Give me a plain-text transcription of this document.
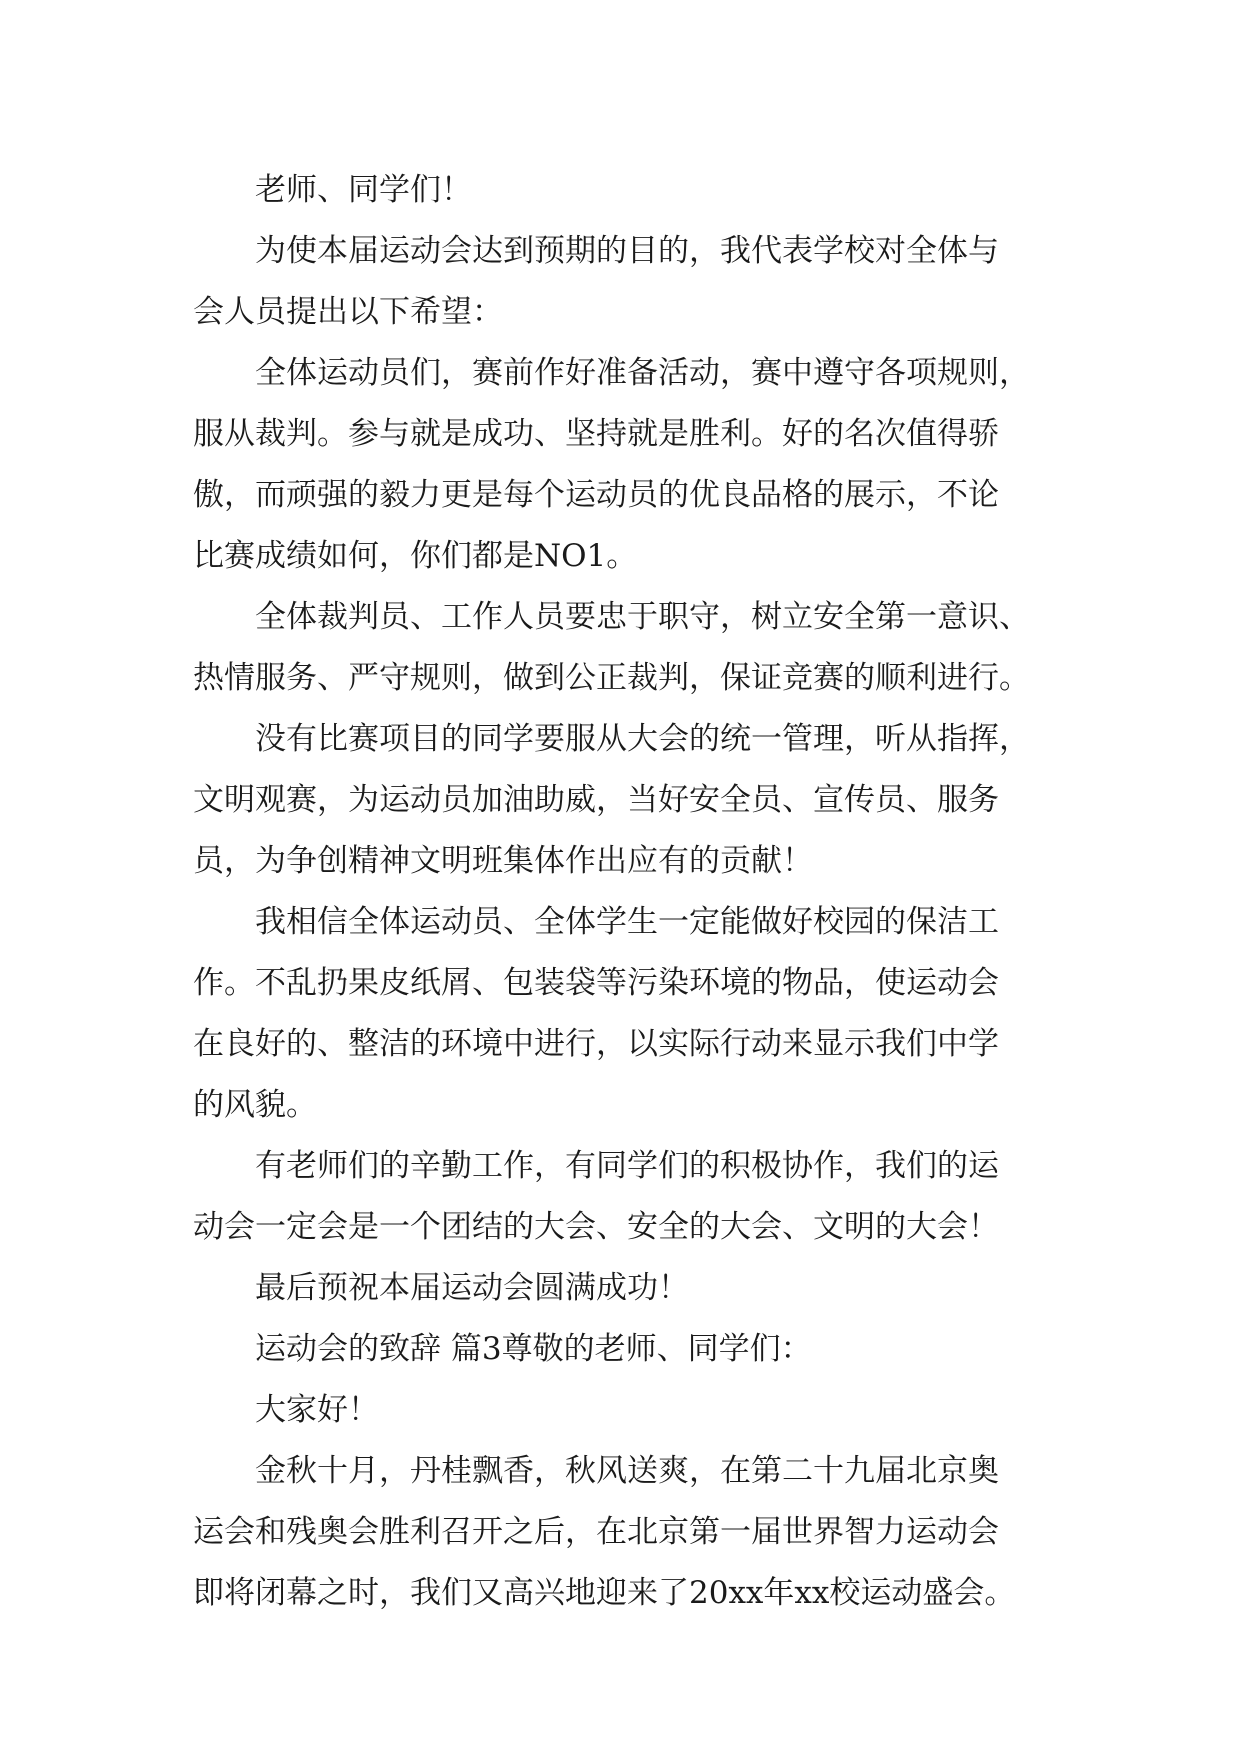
老师、同学们！
为使本届运动会达到预期的目的，我代表学校对全体与
会人员提出以下希望：
全体运动员们，赛前作好准备活动，赛中遵守各项规则，
服从裁判。参与就是成功、坚持就是胜利。好的名次值得骄
傲，而顽强的毅力更是每个运动员的优良品格的展示，不论
比赛成绩如何，你们都是NO1。
全体裁判员、工作人员要忠于职守，树立安全第一意识、
热情服务、严守规则，做到公正裁判，保证竞赛的顺利进行。
没有比赛项目的同学要服从大会的统一管理，听从指挥，
文明观赛，为运动员加油助威，当好安全员、宣传员、服务
员，为争创精神文明班集体作出应有的贡献！
我相信全体运动员、全体学生一定能做好校园的保洁工
作。不乱扔果皮纸屑、包装袋等污染环境的物品，使运动会
在良好的、整洁的环境中进行，以实际行动来显示我们中学
的风貌。
有老师们的辛勤工作，有同学们的积极协作，我们的运
动会一定会是一个团结的大会、安全的大会、文明的大会！
最后预祝本届运动会圆满成功！
运动会的致辞 篇3尊敬的老师、同学们：
大家好！
金秋十月，丹桂飘香，秋风送爽，在第二十九届北京奥
运会和残奥会胜利召开之后，在北京第一届世界智力运动会
即将闭幕之时，我们又高兴地迎来了20xx年xx校运动盛会。
